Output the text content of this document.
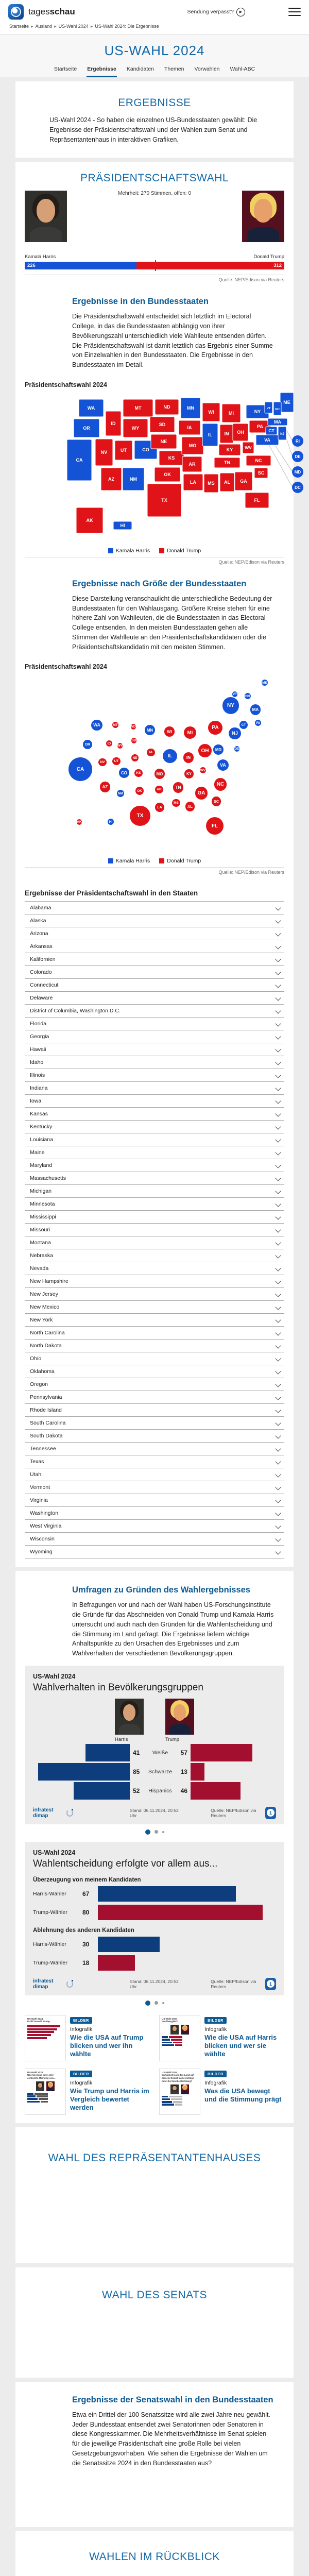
tagesschau	Sendung verpasst?	▶
Startseite ▸ Ausland ▸ US-Wahl 2024 ▸ US-Wahl 2024: Die Ergebnisse
US-WAHL 2024
Startseite Ergebnisse Kandidaten Themen Vorwahlen Wahl-ABC
ERGEBNISSE

US-Wahl 2024 - So haben die einzelnen US-Bundesstaaten gewählt: Die Ergebnisse der Präsidentschaftswahl und der Wahlen zum Senat und Repräsentantenhaus in interaktiven Grafiken.

PRÄSIDENTSCHAFTSWAHL
Mehrheit: 270 Stimmen, offen: 0
Kamala Harris	Donald Trump
226	312
Quelle: NEP/Edison via Reuters
Ergebnisse in den Bundesstaaten

Die Präsidentschaftswahl entscheidet sich letztlich im Electoral College, in das die Bundesstaaten abhängig von ihrer Bevölkerungszahl unterschiedlich viele Wahlleute entsenden dürfen. Die Präsidentschaftswahl ist damit letztlich das Ergebnis einer Summe von Einzelwahlen in den Bundesstaaten. Die Ergebnisse in den Bundesstaaten im Detail.

Präsidentschaftswahl 2024
WA
OR
CA
ID
NV	UT
AZ
MT
WY
CO
NM
ND
SD
NE
KS
OK
TX
MN
IA
MO
AR
LA
WI
IL
MS
MI
IN
KY
TN
AL
OH
WV
VA
NC
SC
GA
FL
PA
NY
ME
VT NH
MA
CT
NJ
AK
HI
RI
DE
MD
DC
Kamala Harris	Donald Trump
Quelle: NEP/Edison via Reuters
Ergebnisse nach Größe der Bundesstaaten

Diese Darstellung veranschaulicht die unterschiedliche Bedeutung der Bundesstaaten für den Wahlausgang. Größere Kreise stehen für eine höhere Zahl von Wahlleuten, die die Bundesstaaten in das Electoral College entsenden. In den meisten Bundesstaaten gehen alle Stimmen der Wahlleute an den Präsidentschaftskandidaten oder die Präsidentschaftskandidatin mit den meisten Stimmen.

Präsidentschaftswahl 2024
ME
VT
NH
NY
MA
CT
RI
PA
NJ
DE
MD
WA	MT	ND
MN	WI	MI
OR	ID
WY
SD
IA
NE	IL	IN
OH
NV	UT
CA
CO	KS	MO	KY
WV
VA
AZ
NM
OK	AR	TN
NC
GA
SC
MS
AL
LA
TX
AK	HI
FL
Kamala Harris	Donald Trump
Quelle: NEP/Edison via Reuters
Ergebnisse der Präsidentschaftswahl in den Staaten
Alabama
Alaska
Arizona
Arkansas
Kalifornien
Colorado
Connecticut
Delaware
District of Columbia, Washington D.C.
Florida
Georgia
Hawaii
Idaho
Illinois
Indiana
Iowa
Kansas
Kentucky
Louisiana
Maine
Maryland
Massachusetts
Michigan
Minnesota
Mississippi
Missouri
Montana
Nebraska
Nevada
New Hampshire
New Jersey
New Mexico
New York
North Carolina
North Dakota
Ohio
Oklahoma
Oregon
Pennsylvania
Rhode Island
South Carolina
South Dakota
Tennessee
Texas
Utah
Vermont
Virginia
Washington
West Virginia
Wisconsin
Wyoming
Umfragen zu Gründen des Wahlergebnisses

In Befragungen vor und nach der Wahl haben US-Forschungsinstitute die Gründe für das Abschneiden von Donald Trump und Kamala Harris untersucht und auch nach den Gründen für die Wahlentscheidung und die Stimmung im Land gefragt. Die Ergebnisse liefern wichtige Anhaltspunkte zu den Ursachen des Ergebnisses und zum Wahlverhalten der verschiedenen Bevölkerungsgruppen.

US-Wahl 2024
Wahlverhalten in Bevölkerungsgruppen
Harris	Trump
41 Weiße 57
85 Schwarze 13
52 Hispanics 46
infratest dimap
Stand: 06.11.2024, 20:52 Uhr
Quelle: NEP/Edison via Reuters	1
US-Wahl 2024
Wahlentscheidung erfolgte vor allem aus...
Überzeugung von meinem Kandidaten
Harris-Wähler	67
Trump-Wähler	80
Ablehnung des anderen Kandidaten
Harris-Wähler	30
Trump-Wähler	18
infratest dimap
Stand: 06.11.2024, 20:52 Uhr
Quelle: NEP/Edison via Reuters	1
US-Wahl 2024
Profil Donald Trump	BILDER
Infografik
Wie die USA auf Trump blicken und wer ihn wählte
US-Wahl 2024
Profilvergleich	BILDER
Infografik
Wie die USA auf Harris blicken und wer sie wählte
US-Wahl 2024
Überwiegend gute oder schlechte Meinung von...
BILDER
Infografik
Wie Trump und Harris im Vergleich bewertet werden
US-Wahl 2024
Entwickelt sich das Land auf diesem Gebiet in die richtige oder die falsche Richtung?
BILDER
Infografik
Was die USA bewegt und die Stimmung prägt
WAHL DES REPRÄSENTANTENHAUSES
WAHL DES SENATS
Ergebnisse der Senatswahl in den Bundesstaaten

Etwa ein Drittel der 100 Senatssitze wird alle zwei Jahre neu gewählt. Jeder Bundesstaat entsendet zwei Senatorinnen oder Senatoren in diese Kongresskammer. Die Mehrheitsverhältnisse im Senat spielen für die jeweilige Präsidentschaft eine große Rolle bei vielen Gesetzgebungsvorhaben. Wie sehen die Ergebnisse der Wahlen um die Senatssitze 2024 in den Bundesstaaten aus?

WAHLEN IM RÜCKBLICK
